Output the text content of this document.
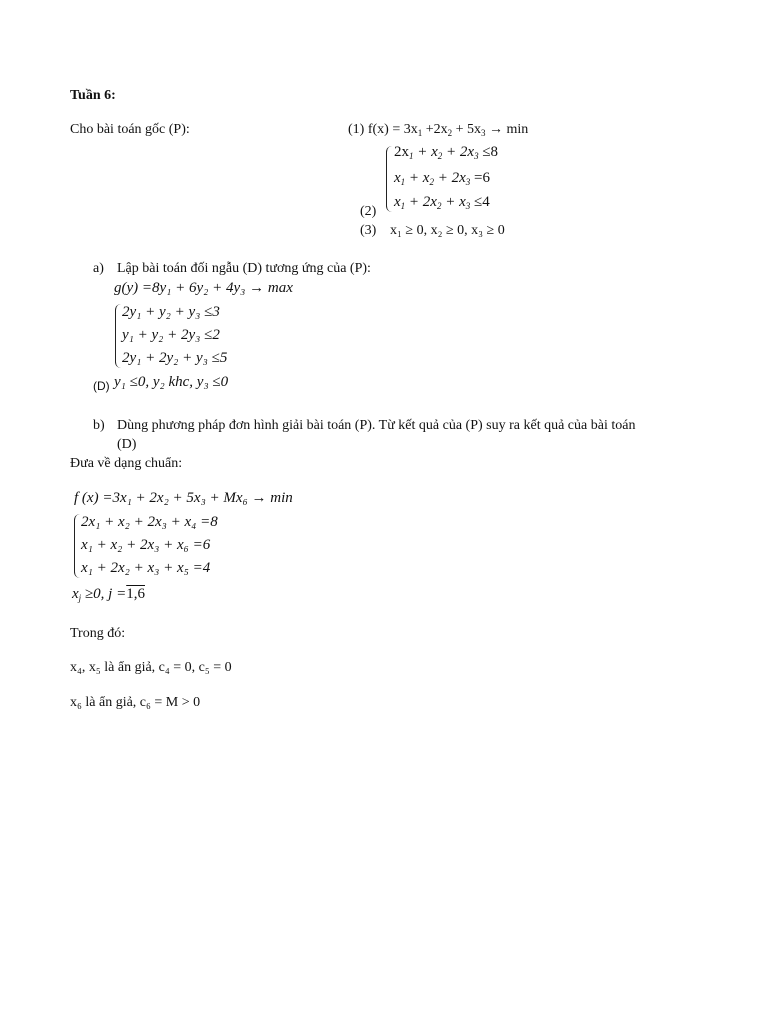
Tuần 6:
Cho bài toán gốc (P):	(1) $f(x) = 3x_1 +2x_2 + 5x_3 \to \min$
$2x_1 + x_2 + 2x_3 \le 8$
$x_1 + x_2 + 2x_3 =6$
$x_1 + 2x_2 + x_3 \le 4$
(2)
(3) x₁ ≥ 0, x₂ ≥ 0, x₃ ≥ 0
a) Lập bài toán đối ngẫu (D) tương ứng của (P):
g(y) =8y₁ + 6y₂ + 4y₃ → max
2y₁ + y₂ + y₃ ≤3
y₁ + y₂ + 2y₃ ≤2
2y₁ + 2y₂ + y₃ ≤5
(D) y₁ ≤0, y₂ khc, y₃ ≤0
b) Dùng phương pháp đơn hình giải bài toán (P). Từ kết quả của (P) suy ra kết quả của bài toán
(D)
Đưa về dạng chuẩn:
f (x) =3x₁ + 2x₂ + 5x₃ + Mx₆ → min
2x₁ + x₂ + 2x₃ + x₄ =8
x₁ + x₂ + 2x₃ + x₆ =6
x₁ + 2x₂ + x₃ + x₅ =4
$x_j \ge 0$, j =1,6
Trong đó:
x₄, x₅ là ẩn giả, c₄ = 0, c₅ = 0
x₆ là ẩn giả, c₆ = M > 0
